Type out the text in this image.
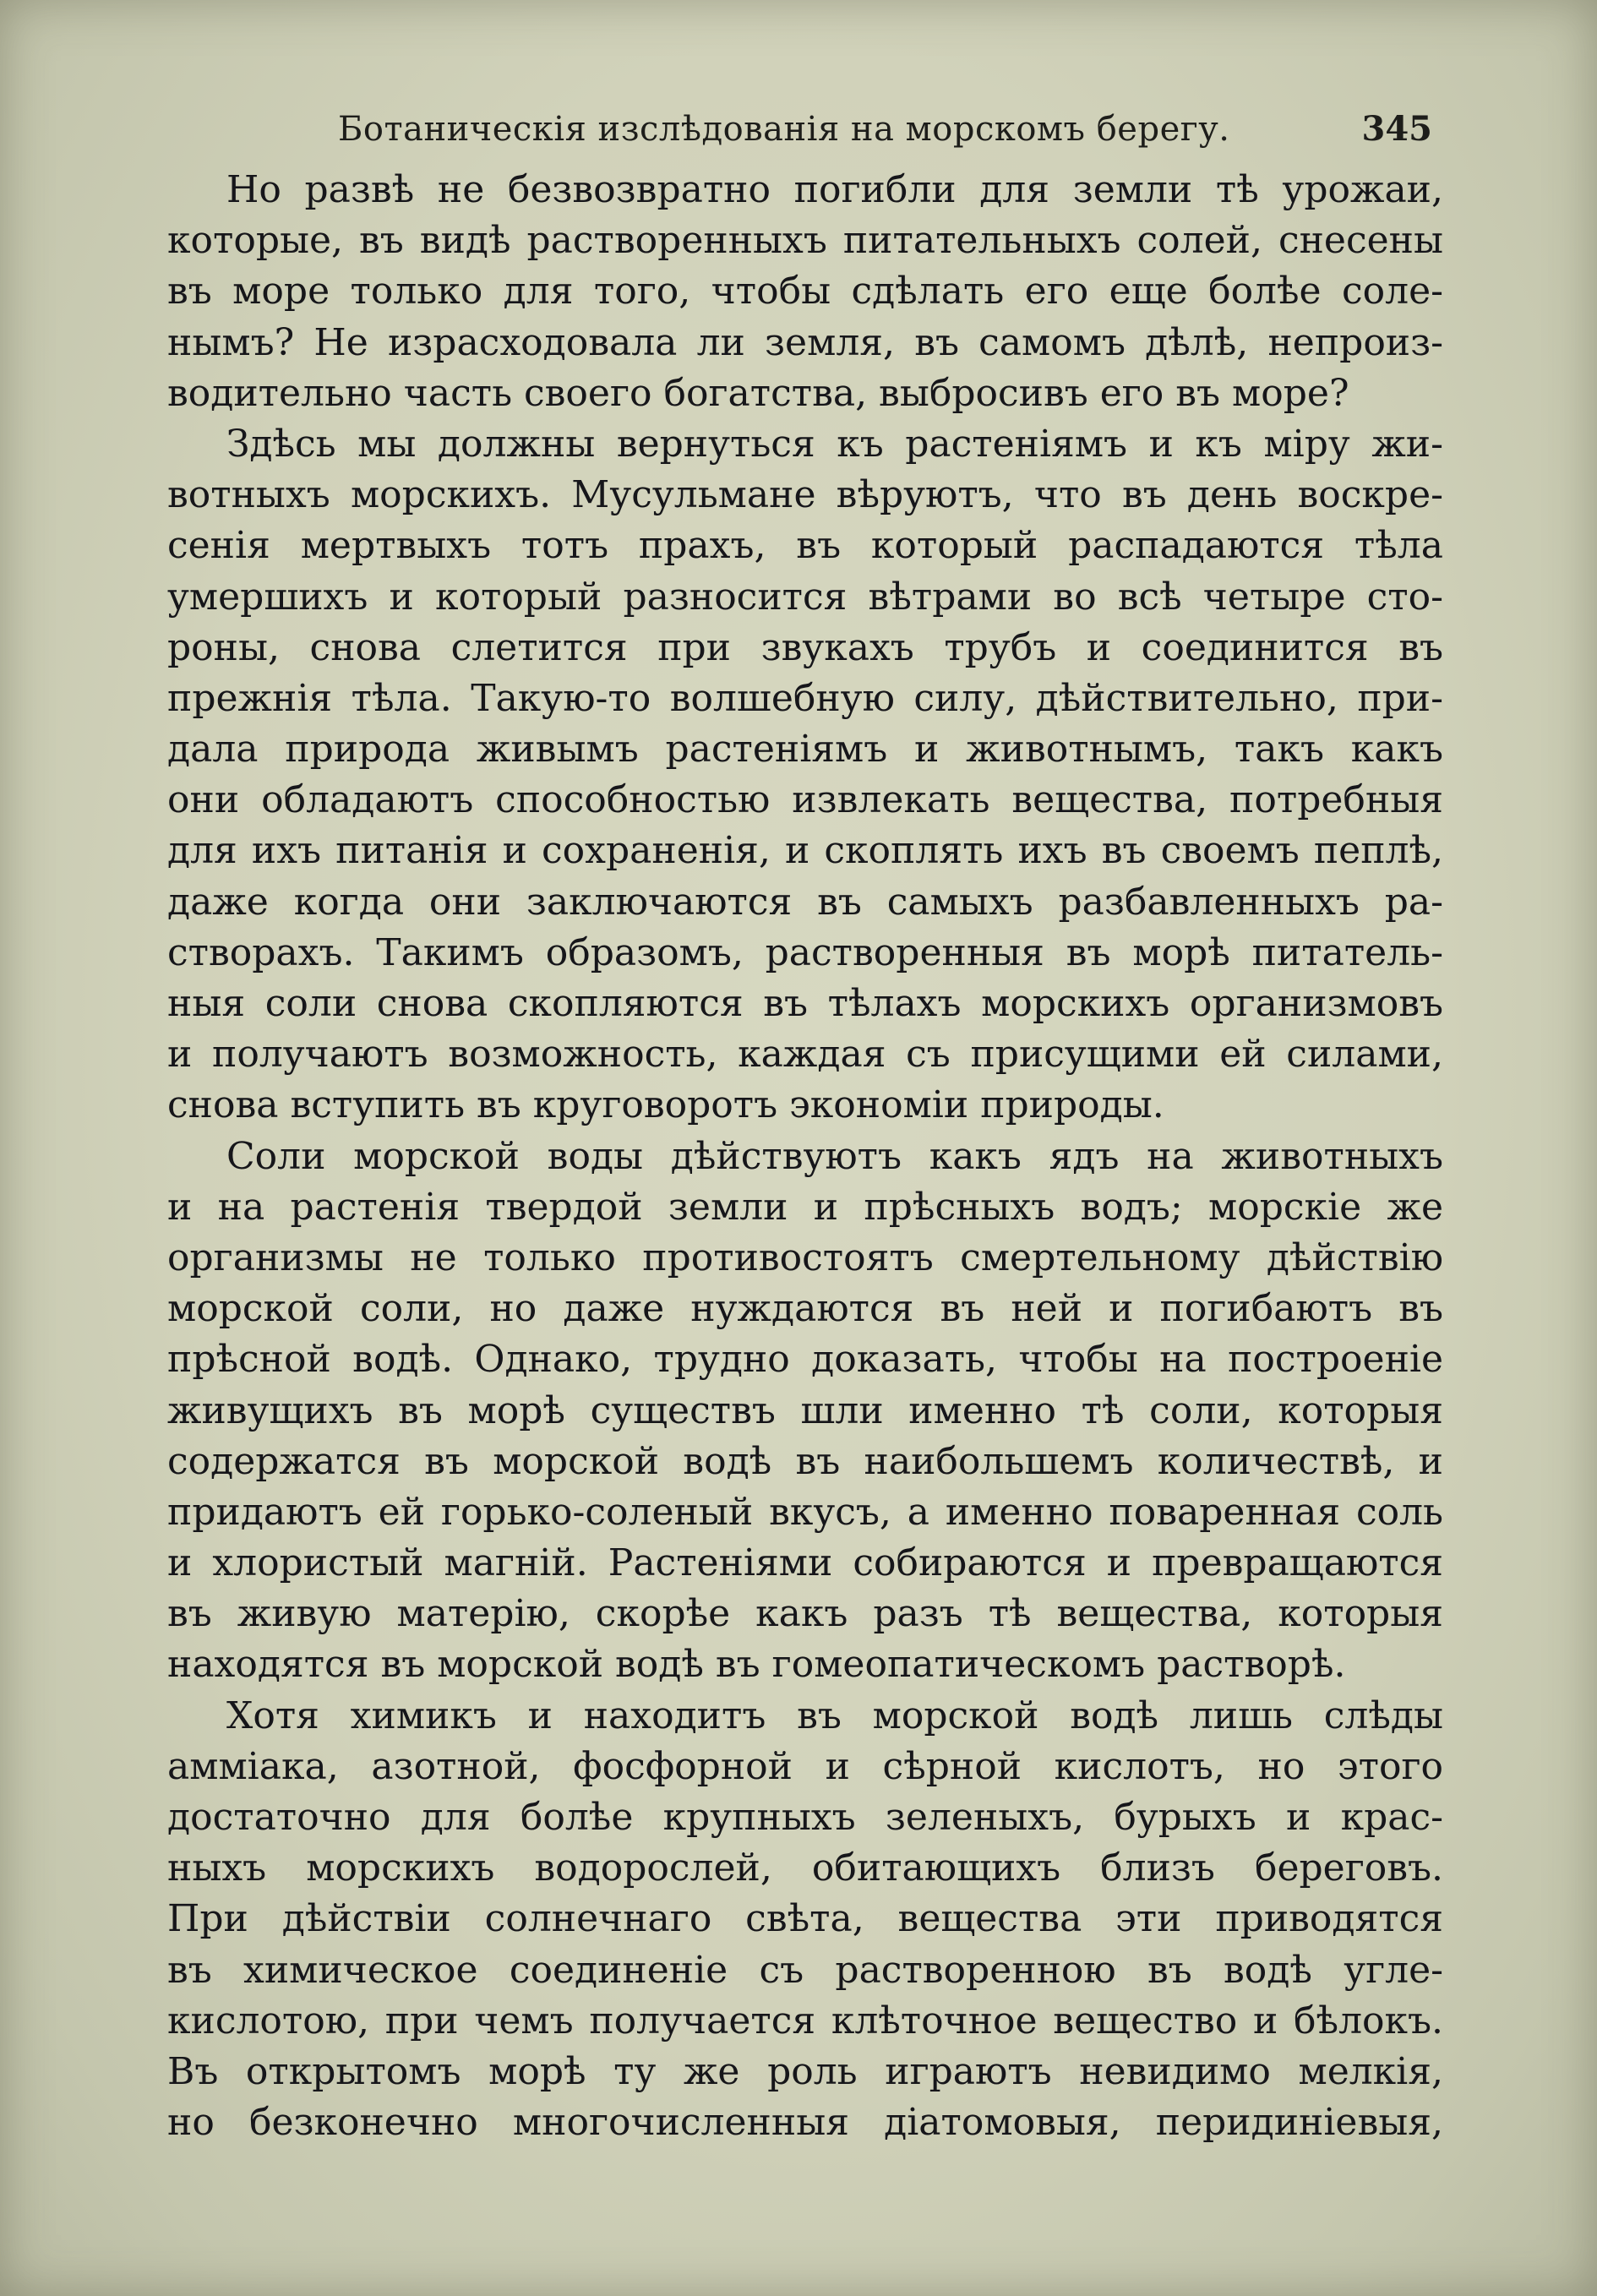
Ботаническія изслѣдованія на морскомъ берегу.	345
Но развѣ не безвозвратно погибли для земли тѣ урожаи,
которые, въ видѣ растворенныхъ питательныхъ солей, снесены
въ море только для того, чтобы сдѣлать его еще болѣе соле-
нымъ? Не израсходовала ли земля, въ самомъ дѣлѣ, непроиз-
водительно часть своего богатства, выбросивъ его въ море?
Здѣсь мы должны вернуться къ растеніямъ и къ міру жи-
вотныхъ морскихъ. Мусульмане вѣруютъ, что въ день воскре-
сенія мертвыхъ тотъ прахъ, въ который распадаются тѣла
умершихъ и который разносится вѣтрами во всѣ четыре сто-
роны, снова слетится при звукахъ трубъ и соединится въ
прежнія тѣла. Такую-то волшебную силу, дѣйствительно, при-
дала природа живымъ растеніямъ и животнымъ, такъ какъ
они обладаютъ способностью извлекать вещества, потребныя
для ихъ питанія и сохраненія, и скоплять ихъ въ своемъ пеплѣ,
даже когда они заключаются въ самыхъ разбавленныхъ ра-
створахъ. Такимъ образомъ, растворенныя въ морѣ питатель-
ныя соли снова скопляются въ тѣлахъ морскихъ организмовъ
и получаютъ возможность, каждая съ присущими ей силами,
снова вступить въ круговоротъ экономіи природы.
Соли морской воды дѣйствуютъ какъ ядъ на животныхъ
и на растенія твердой земли и прѣсныхъ водъ; морскіе же
организмы не только противостоятъ смертельному дѣйствію
морской соли, но даже нуждаются въ ней и погибаютъ въ
прѣсной водѣ. Однако, трудно доказать, чтобы на построеніе
живущихъ въ морѣ существъ шли именно тѣ соли, которыя
содержатся въ морской водѣ въ наибольшемъ количествѣ, и
придаютъ ей горько-соленый вкусъ, а именно поваренная соль
и хлористый магній. Растеніями собираются и превращаются
въ живую матерію, скорѣе какъ разъ тѣ вещества, которыя
находятся въ морской водѣ въ гомеопатическомъ растворѣ.
Хотя химикъ и находитъ въ морской водѣ лишь слѣды
амміака, азотной, фосфорной и сѣрной кислотъ, но этого
достаточно для болѣе крупныхъ зеленыхъ, бурыхъ и крас-
ныхъ морскихъ водорослей, обитающихъ близъ береговъ.
При дѣйствіи солнечнаго свѣта, вещества эти приводятся
въ химическое соединеніе съ растворенною въ водѣ угле-
кислотою, при чемъ получается клѣточное вещество и бѣлокъ.
Въ открытомъ морѣ ту же роль играютъ невидимо мелкія,
но безконечно многочисленныя діатомовыя, перидиніевыя,
